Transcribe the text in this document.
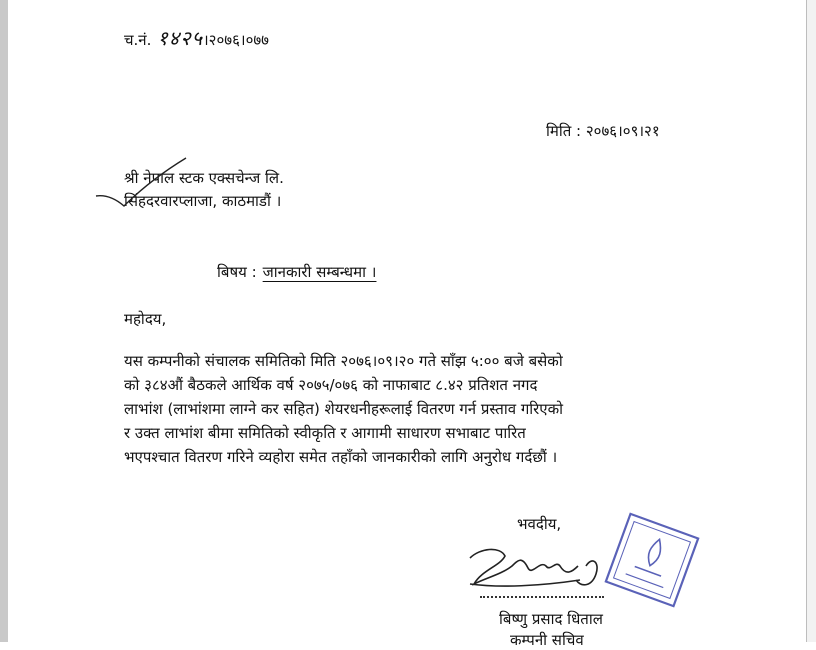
च.नं. १४२५।२०७६।०७७
मिति : २०७६।०९।२१
श्री नेपाल स्टक एक्सचेन्ज लि.
सिंहदरवारप्लाजा, काठमाडौं ।
बिषय : जानकारी सम्बन्धमा ।
महोदय,
यस कम्पनीको संचालक समितिको मिति २०७६।०९।२० गते साँझ ५:०० बजे बसेको
को ३८४औं बैठकले आर्थिक वर्ष २०७५/०७६ को नाफाबाट ८.४२ प्रतिशत नगद
लाभांश (लाभांशमा लाग्ने कर सहित) शेयरधनीहरूलाई वितरण गर्न प्रस्ताव गरिएको
र उक्त लाभांश बीमा समितिको स्वीकृति र आगामी साधारण सभाबाट पारित
भएपश्चात वितरण गरिने व्यहोरा समेत तहाँको जानकारीको लागि अनुरोध गर्दछौं ।
भवदीय,
बिष्णु प्रसाद धिताल
कम्पनी सचिव
